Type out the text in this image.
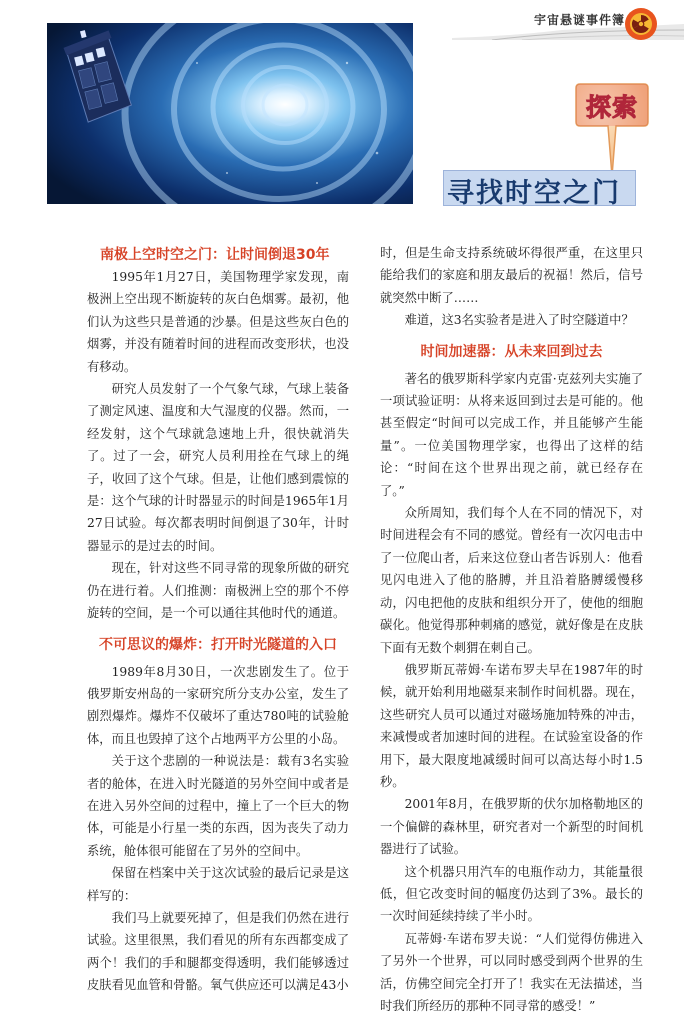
宇宙悬谜事件簿
探索
寻找时空之门
南极上空时空之门：让时间倒退30年

1995年1月27日，美国物理学家发现，南极洲上空出现不断旋转的灰白色烟雾。最初，他们认为这些只是普通的沙暴。但是这些灰白色的烟雾，并没有随着时间的进程而改变形状，也没有移动。

研究人员发射了一个气象气球，气球上装备了测定风速、温度和大气湿度的仪器。然而，一经发射，这个气球就急速地上升，很快就消失了。过了一会，研究人员利用拴在气球上的绳子，收回了这个气球。但是，让他们感到震惊的是：这个气球的计时器显示的时间是1965年1月27日试验。每次都表明时间倒退了30年，计时器显示的是过去的时间。

现在，针对这些不同寻常的现象所做的研究仍在进行着。人们推测：南极洲上空的那个不停旋转的空间，是一个可以通往其他时代的通道。

不可思议的爆炸：打开时光隧道的入口

1989年8月30日，一次悲剧发生了。位于俄罗斯安州岛的一家研究所分支办公室，发生了剧烈爆炸。爆炸不仅破坏了重达780吨的试验舱体，而且也毁掉了这个占地两平方公里的小岛。

关于这个悲剧的一种说法是：载有3名实验者的舱体，在进入时光隧道的另外空间中或者是在进入另外空间的过程中，撞上了一个巨大的物体，可能是小行星一类的东西，因为丧失了动力系统，舱体很可能留在了另外的空间中。

保留在档案中关于这次试验的最后记录是这样写的：

我们马上就要死掉了，但是我们仍然在进行试验。这里很黑，我们看见的所有东西都变成了两个！我们的手和腿都变得透明，我们能够透过皮肤看见血管和骨骼。氧气供应还可以满足43小

时，但是生命支持系统破坏得很严重，在这里只能给我们的家庭和朋友最后的祝福！然后，信号就突然中断了……

难道，这3名实验者是进入了时空隧道中？

时间加速器：从未来回到过去

著名的俄罗斯科学家内克雷·克兹列夫实施了一项试验证明：从将来返回到过去是可能的。他甚至假定“时间可以完成工作，并且能够产生能量”。一位美国物理学家，也得出了这样的结论：“时间在这个世界出现之前，就已经存在了。”

众所周知，我们每个人在不同的情况下，对时间进程会有不同的感觉。曾经有一次闪电击中了一位爬山者，后来这位登山者告诉别人：他看见闪电进入了他的胳膊，并且沿着胳膊缓慢移动，闪电把他的皮肤和组织分开了，使他的细胞碳化。他觉得那种刺痛的感觉，就好像是在皮肤下面有无数个刺猬在刺自己。

俄罗斯瓦蒂姆·车诺布罗夫早在1987年的时候，就开始利用地磁泵来制作时间机器。现在，这些研究人员可以通过对磁场施加特殊的冲击，来减慢或者加速时间的进程。在试验室设备的作用下，最大限度地减缓时间可以高达每小时1.5秒。

2001年8月，在俄罗斯的伏尔加格勒地区的一个偏僻的森林里，研究者对一个新型的时间机器进行了试验。

这个机器只用汽车的电瓶作动力，其能量很低，但它改变时间的幅度仍达到了3%。最长的一次时间延续持续了半小时。

瓦蒂姆·车诺布罗夫说：“人们觉得仿佛进入了另外一个世界，可以同时感受到两个世界的生活，仿佛空间完全打开了！我实在无法描述，当时我们所经历的那种不同寻常的感受！”
